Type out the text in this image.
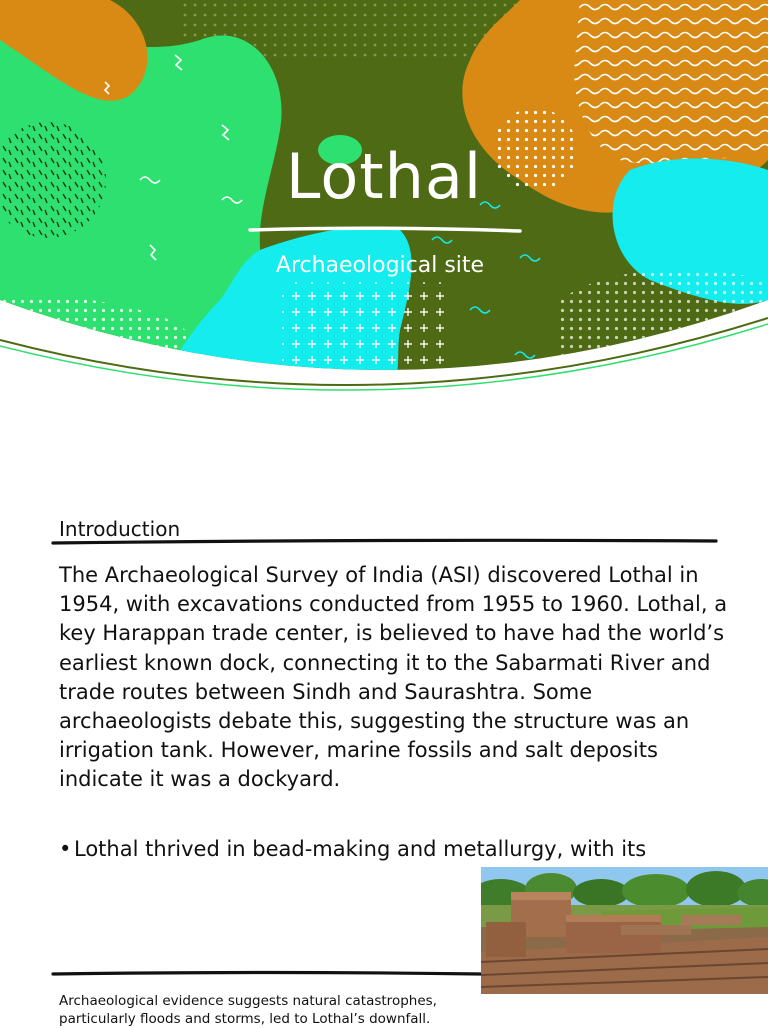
Lothal

Archaeological site

Introduction

The Archaeological Survey of India (ASI) discovered Lothal in 1954, with excavations conducted from 1955 to 1960. Lothal, a key Harappan trade center, is believed to have had the world’s earliest known dock, connecting it to the Sabarmati River and trade routes between Sindh and Saurashtra. Some archaeologists debate this, suggesting the structure was an irrigation tank. However, marine fossils and salt deposits indicate it was a dockyard.

• Lothal thrived in bead-making and metallurgy, with its

Archaeological evidence suggests natural catastrophes, particularly floods and storms, led to Lothal’s downfall.
